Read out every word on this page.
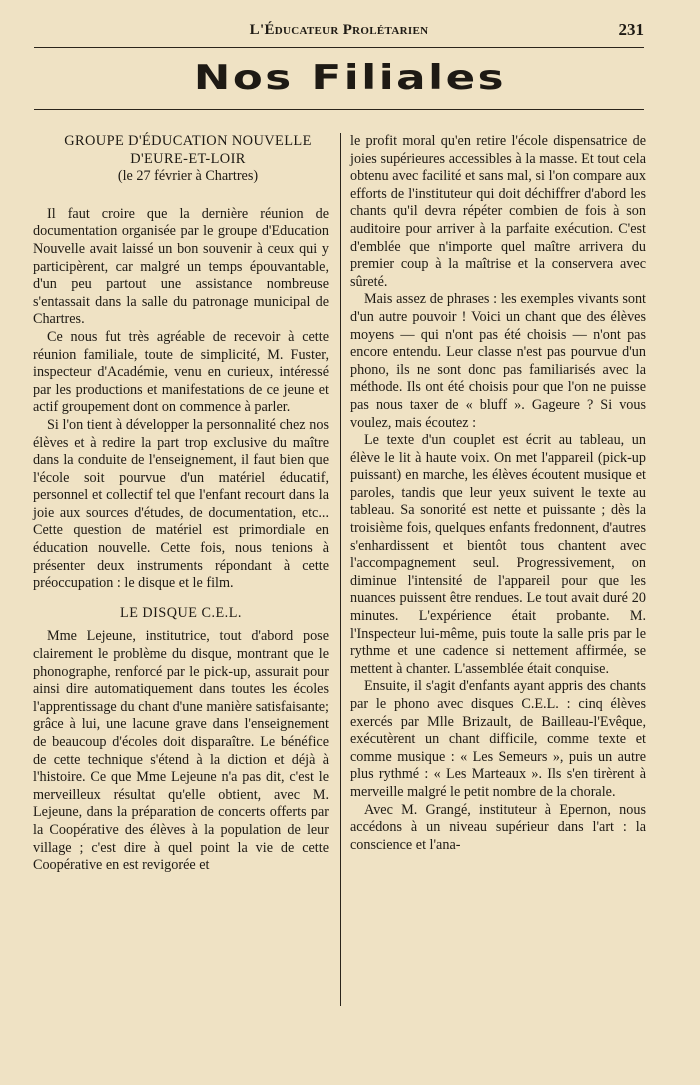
L'Éducateur Prolétarien	231
Nos Filiales

GROUPE D'ÉDUCATION NOUVELLE

D'EURE-ET-LOIR

(le 27 février à Chartres)

Il faut croire que la dernière réunion de documentation organisée par le groupe d'Education Nouvelle avait laissé un bon souvenir à ceux qui y participèrent, car malgré un temps épouvantable, d'un peu partout une assistance nombreuse s'entassait dans la salle du patronage municipal de Chartres.

Ce nous fut très agréable de recevoir à cette réunion familiale, toute de simplicité, M. Fuster, inspecteur d'Académie, venu en curieux, intéressé par les productions et manifestations de ce jeune et actif groupement dont on commence à parler.

Si l'on tient à développer la personnalité chez nos élèves et à redire la part trop exclusive du maître dans la conduite de l'enseignement, il faut bien que l'école soit pourvue d'un matériel éducatif, personnel et collectif tel que l'enfant recourt dans la joie aux sources d'études, de documentation, etc... Cette question de matériel est primordiale en éducation nouvelle. Cette fois, nous tenions à présenter deux instruments répondant à cette préoccupation : le disque et le film.

LE DISQUE C.E.L.

Mme Lejeune, institutrice, tout d'abord pose clairement le problème du disque, montrant que le phonographe, renforcé par le pick-up, assurait pour ainsi dire automatiquement dans toutes les écoles l'apprentissage du chant d'une manière satisfaisante; grâce à lui, une lacune grave dans l'enseignement de beaucoup d'écoles doit disparaître. Le bénéfice de cette technique s'étend à la diction et déjà à l'histoire. Ce que Mme Lejeune n'a pas dit, c'est le merveilleux résultat qu'elle obtient, avec M. Lejeune, dans la préparation de concerts offerts par la Coopérative des élèves à la population de leur village ; c'est dire à quel point la vie de cette Coopérative en est revigorée et

le profit moral qu'en retire l'école dispensatrice de joies supérieures accessibles à la masse. Et tout cela obtenu avec facilité et sans mal, si l'on compare aux efforts de l'instituteur qui doit déchiffrer d'abord les chants qu'il devra répéter combien de fois à son auditoire pour arriver à la parfaite exécution. C'est d'emblée que n'importe quel maître arrivera du premier coup à la maîtrise et la conservera avec sûreté.

Mais assez de phrases : les exemples vivants sont d'un autre pouvoir ! Voici un chant que des élèves moyens — qui n'ont pas été choisis — n'ont pas encore entendu. Leur classe n'est pas pourvue d'un phono, ils ne sont donc pas familiarisés avec la méthode. Ils ont été choisis pour que l'on ne puisse pas nous taxer de « bluff ». Gageure ? Si vous voulez, mais écoutez :

Le texte d'un couplet est écrit au tableau, un élève le lit à haute voix. On met l'appareil (pick-up puissant) en marche, les élèves écoutent musique et paroles, tandis que leur yeux suivent le texte au tableau. Sa sonorité est nette et puissante ; dès la troisième fois, quelques enfants fredonnent, d'autres s'enhardissent et bientôt tous chantent avec l'accompagnement seul. Progressivement, on diminue l'intensité de l'appareil pour que les nuances puissent être rendues. Le tout avait duré 20 minutes. L'expérience était probante. M. l'Inspecteur lui-même, puis toute la salle pris par le rythme et une cadence si nettement affirmée, se mettent à chanter. L'assemblée était conquise.

Ensuite, il s'agit d'enfants ayant appris des chants par le phono avec disques C.E.L. : cinq élèves exercés par Mlle Brizault, de Bailleau-l'Evêque, exécutèrent un chant difficile, comme texte et comme musique : « Les Semeurs », puis un autre plus rythmé : « Les Marteaux ». Ils s'en tirèrent à merveille malgré le petit nombre de la chorale.

Avec M. Grangé, instituteur à Epernon, nous accédons à un niveau supérieur dans l'art : la conscience et l'ana-
